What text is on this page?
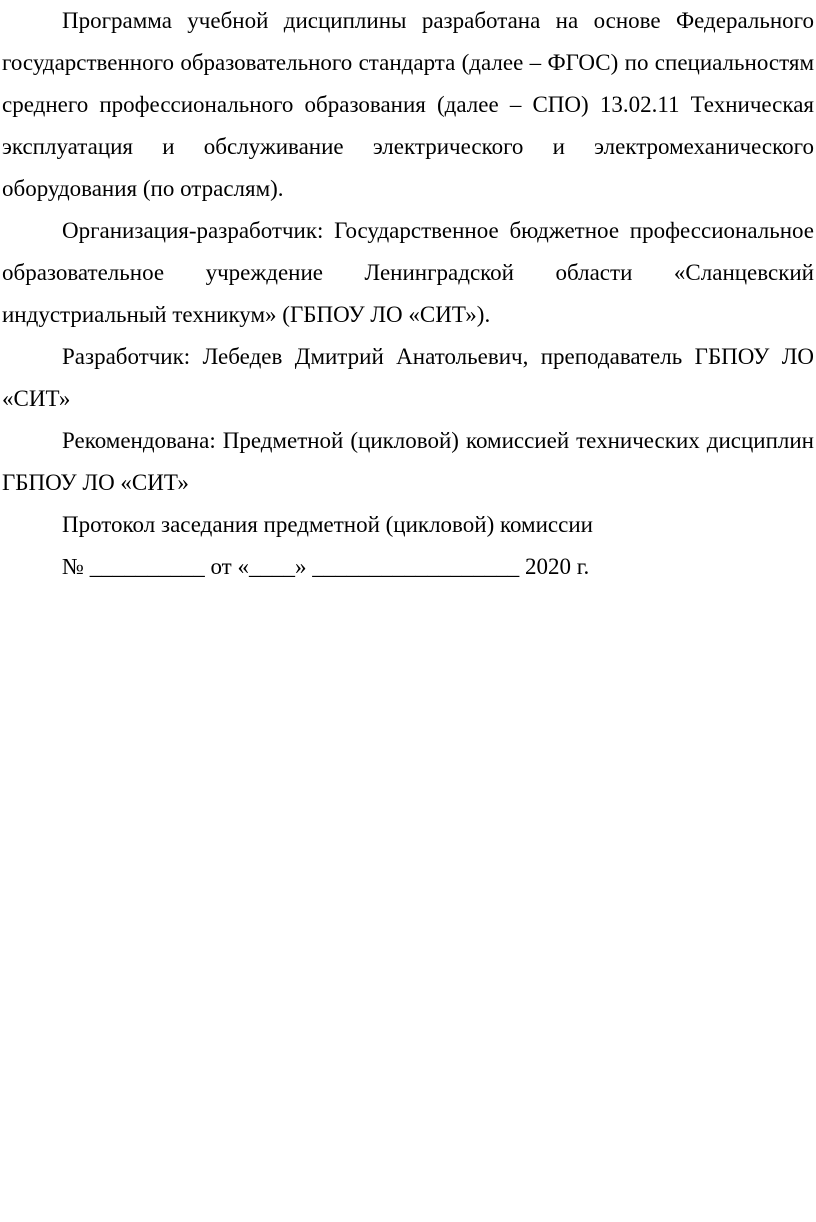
Программа учебной дисциплины разработана на основе Федерального государственного образовательного стандарта (далее – ФГОС) по специальностям среднего профессионального образования (далее – СПО) 13.02.11 Техническая эксплуатация и обслуживание электрического и электромеханического оборудования (по отраслям).

Организация-разработчик: Государственное бюджетное профессиональное образовательное учреждение Ленинградской области «Сланцевский индустриальный техникум» (ГБПОУ ЛО «СИТ»).

Разработчик: Лебедев Дмитрий Анатольевич, преподаватель ГБПОУ ЛО «СИТ»

Рекомендована: Предметной (цикловой) комиссией технических дисциплин ГБПОУ ЛО «СИТ»

Протокол заседания предметной (цикловой) комиссии

№ __________ от «____» __________________ 2020 г.
